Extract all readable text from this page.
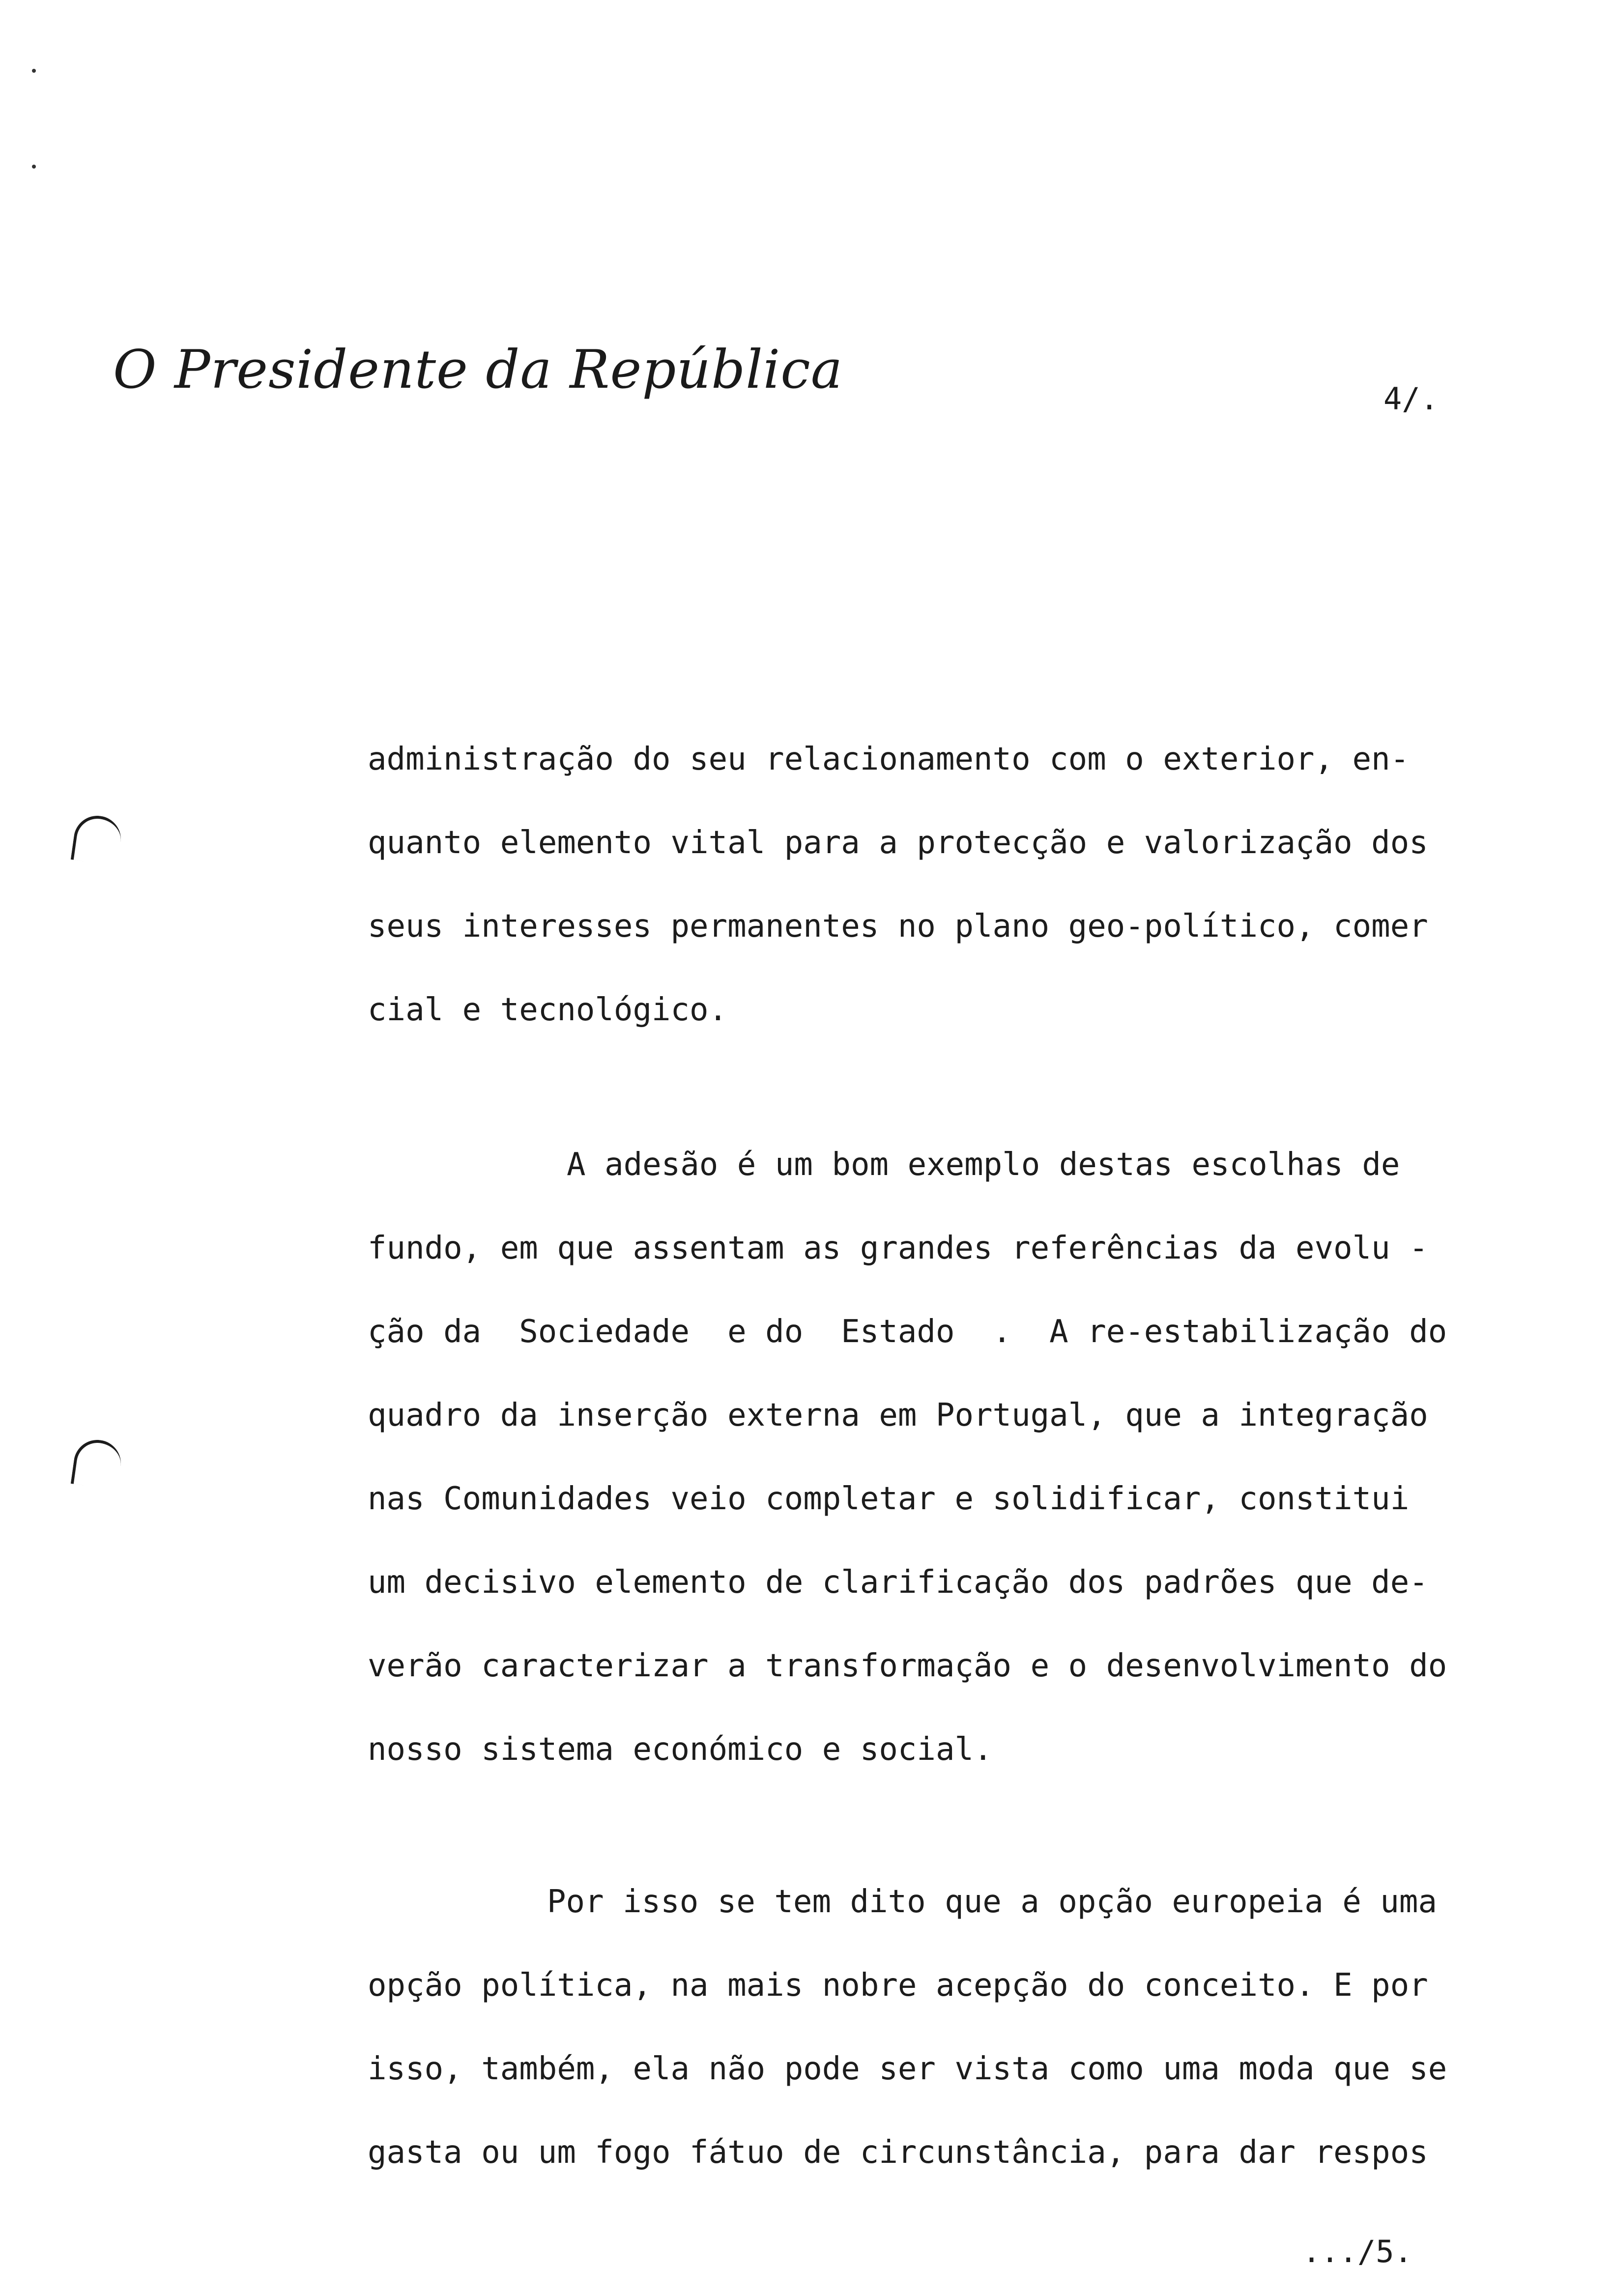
O Presidente da República	4/.
administração do seu relacionamento com o exterior, en-
quanto elemento vital para a protecção e valorização dos
seus interesses permanentes no plano geo-político, comer
cial e tecnológico.
A adesão é um bom exemplo destas escolhas de
fundo, em que assentam as grandes referências da evolu -
ção da  Sociedade  e do  Estado  .  A re-estabilização do
quadro da inserção externa em Portugal, que a integração
nas Comunidades veio completar e solidificar, constitui
um decisivo elemento de clarificação dos padrões que de-
verão caracterizar a transformação e o desenvolvimento do
nosso sistema económico e social.
Por isso se tem dito que a opção europeia é uma
opção política, na mais nobre acepção do conceito. E por
isso, também, ela não pode ser vista como uma moda que se
gasta ou um fogo fátuo de circunstância, para dar respos
.../5.
